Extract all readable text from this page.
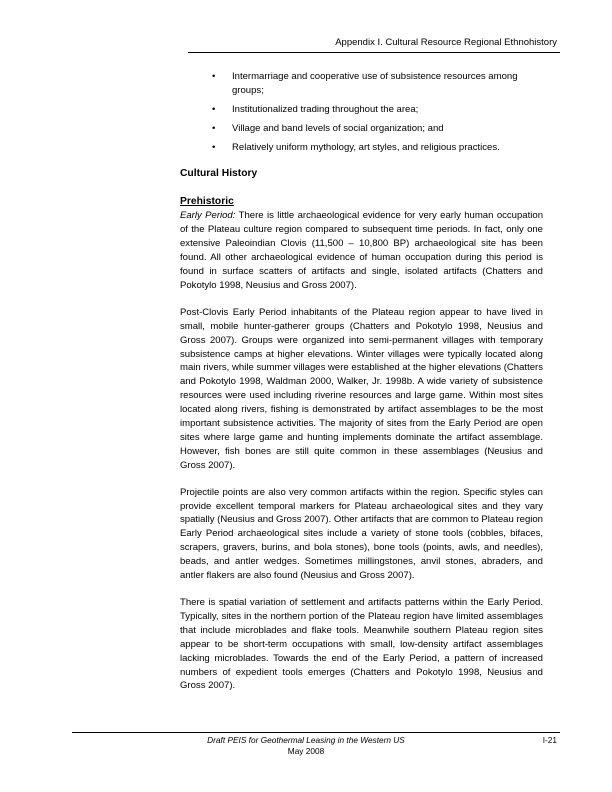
Appendix I. Cultural Resource Regional Ethnohistory
• Intermarriage and cooperative use of subsistence resources among groups;
• Institutionalized trading throughout the area;
• Village and band levels of social organization; and
• Relatively uniform mythology, art styles, and religious practices.
Cultural History
Prehistoric

Early Period: There is little archaeological evidence for very early human occupation of the Plateau culture region compared to subsequent time periods. In fact, only one extensive Paleoindian Clovis (11,500 – 10,800 BP) archaeological site has been found. All other archaeological evidence of human occupation during this period is found in surface scatters of artifacts and single, isolated artifacts (Chatters and Pokotylo 1998, Neusius and Gross 2007).

Post-Clovis Early Period inhabitants of the Plateau region appear to have lived in small, mobile hunter-gatherer groups (Chatters and Pokotylo 1998, Neusius and Gross 2007). Groups were organized into semi-permanent villages with temporary subsistence camps at higher elevations. Winter villages were typically located along main rivers, while summer villages were established at the higher elevations (Chatters and Pokotylo 1998, Waldman 2000, Walker, Jr. 1998b. A wide variety of subsistence resources were used including riverine resources and large game. Within most sites located along rivers, fishing is demonstrated by artifact assemblages to be the most important subsistence activities. The majority of sites from the Early Period are open sites where large game and hunting implements dominate the artifact assemblage. However, fish bones are still quite common in these assemblages (Neusius and Gross 2007).

Projectile points are also very common artifacts within the region. Specific styles can provide excellent temporal markers for Plateau archaeological sites and they vary spatially (Neusius and Gross 2007). Other artifacts that are common to Plateau region Early Period archaeological sites include a variety of stone tools (cobbles, bifaces, scrapers, gravers, burins, and bola stones), bone tools (points, awls, and needles), beads, and antler wedges. Sometimes millingstones, anvil stones, abraders, and antler flakers are also found (Neusius and Gross 2007).

There is spatial variation of settlement and artifacts patterns within the Early Period. Typically, sites in the northern portion of the Plateau region have limited assemblages that include microblades and flake tools. Meanwhile southern Plateau region sites appear to be short-term occupations with small, low-density artifact assemblages lacking microblades. Towards the end of the Early Period, a pattern of increased numbers of expedient tools emerges (Chatters and Pokotylo 1998, Neusius and Gross 2007).

Draft PEIS for Geothermal Leasing in the Western US
May 2008
I-21
